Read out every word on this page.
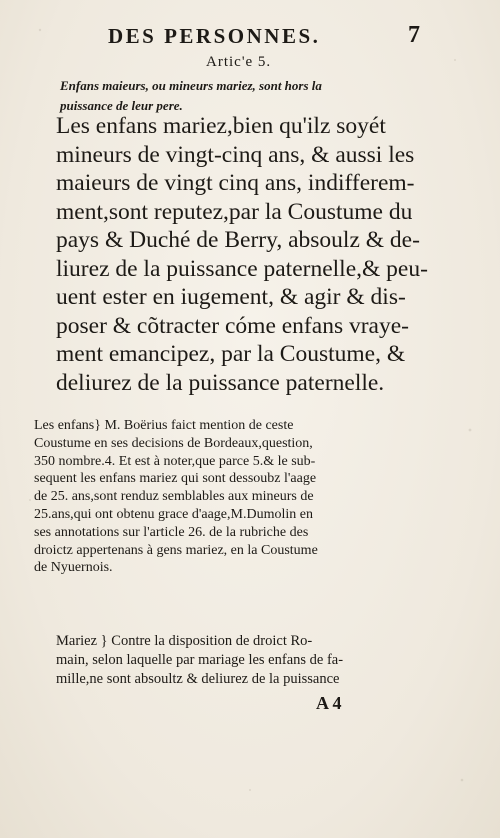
DES PERSONNES.	7
Artic'e 5.
Enfans maieurs, ou mineurs mariez, sont hors la
puissance de leur pere.
Les enfans mariez,bien qu'ilz soyét
mineurs de vingt-cinq ans, & aussi les
maieurs de vingt cinq ans, indifferem-
ment,sont reputez,par la Coustume du
pays & Duché de Berry, absoulz & de-
liurez de la puissance paternelle,& peu-
uent ester en iugement, & agir & dis-
poser & cõtracter cóme enfans vraye-
ment emancipez, par la Coustume, &
deliurez de la puissance paternelle.
Les enfans} M. Boërius faict mention de ceste
Coustume en ses decisions de Bordeaux,question,
350 nombre.4. Et est à noter,que parce 5.& le sub-
sequent les enfans mariez qui sont dessoubz l'aage
de 25. ans,sont renduz semblables aux mineurs de
25.ans,qui ont obtenu grace d'aage,M.Dumolin en
ses annotations sur l'article 26. de la rubriche des
droictz appertenans à gens mariez, en la Coustume
de Nyuernois.
Mariez } Contre la disposition de droict Ro-
main, selon laquelle par mariage les enfans de fa-
mille,ne sont absoultz & deliurez de la puissance
A 4
